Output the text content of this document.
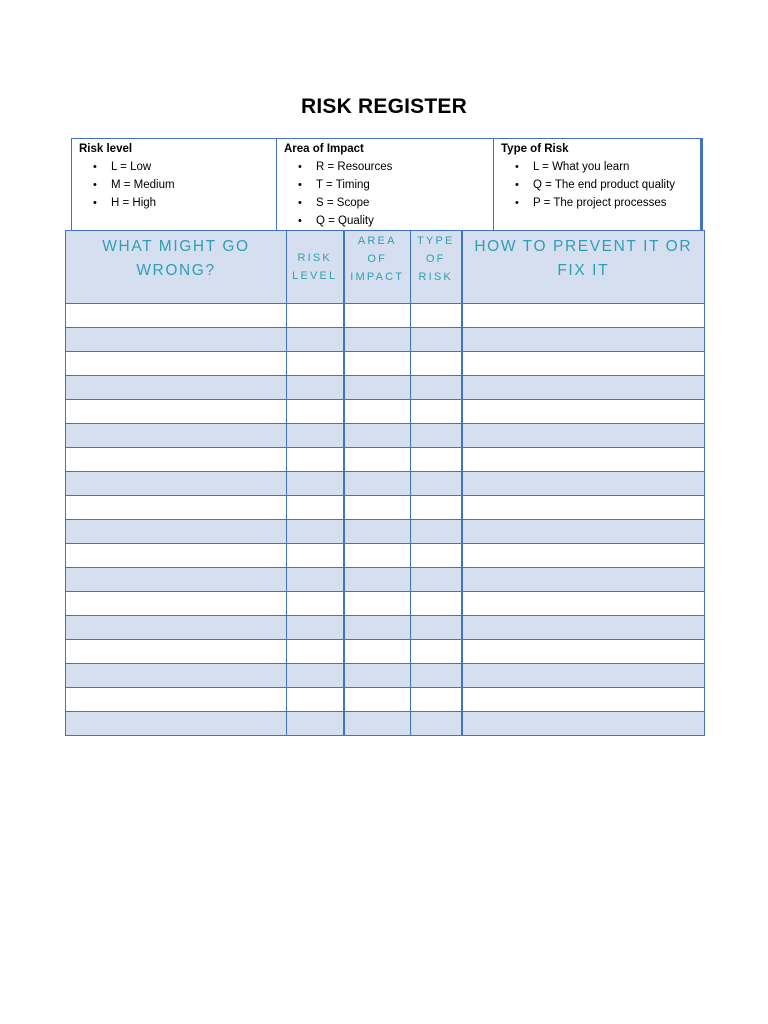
RISK REGISTER
Risk level
• L = Low
• M = Medium
• H = High

Area of Impact
• R = Resources
• T = Timing
• S = Scope
• Q = Quality

Type of Risk
• L = What you learn
• Q = The end product quality
• P = The project processes
WHAT MIGHT GO WRONG?	RISK LEVEL	AREA OF IMPACT	TYPE OF RISK	HOW TO PREVENT IT OR FIX IT
